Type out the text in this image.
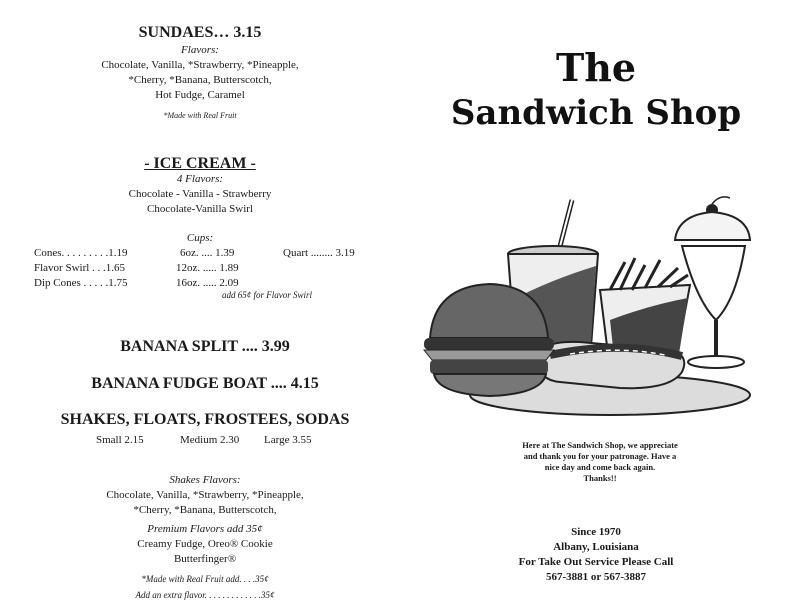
SUNDAES… 3.15
Flavors:
Chocolate, Vanilla, *Strawberry, *Pineapple,
*Cherry, *Banana, Butterscotch,
Hot Fudge, Caramel
*Made with Real Fruit
- ICE CREAM -
4 Flavors:
Chocolate - Vanilla - Strawberry
Chocolate-Vanilla Swirl
Cups:
Cones. . . . . . . . .1.19
Flavor Swirl . . .1.65
Dip Cones . . . . .1.75
6oz. .... 1.39
12oz. ..... 1.89
16oz. ..... 2.09
Quart ........ 3.19
add 65¢ for Flavor Swirl
BANANA SPLIT .... 3.99
BANANA FUDGE BOAT .... 4.15
SHAKES, FLOATS, FROSTEES, SODAS
Small 2.15	Medium 2.30 Large 3.55
Shakes Flavors:
Chocolate, Vanilla, *Strawberry, *Pineapple,
*Cherry, *Banana, Butterscotch,
Premium Flavors add 35¢
Creamy Fudge, Oreo® Cookie
Butterfinger®
*Made with Real Fruit add. . . .35¢
Add an extra flavor. . . . . . . . . . . . .35¢
The
Sandwich Shop
Here at The Sandwich Shop, we appreciate
and thank you for your patronage. Have a
nice day and come back again.
Thanks!!
Since 1970
Albany, Louisiana
For Take Out Service Please Call
567-3881 or 567-3887
